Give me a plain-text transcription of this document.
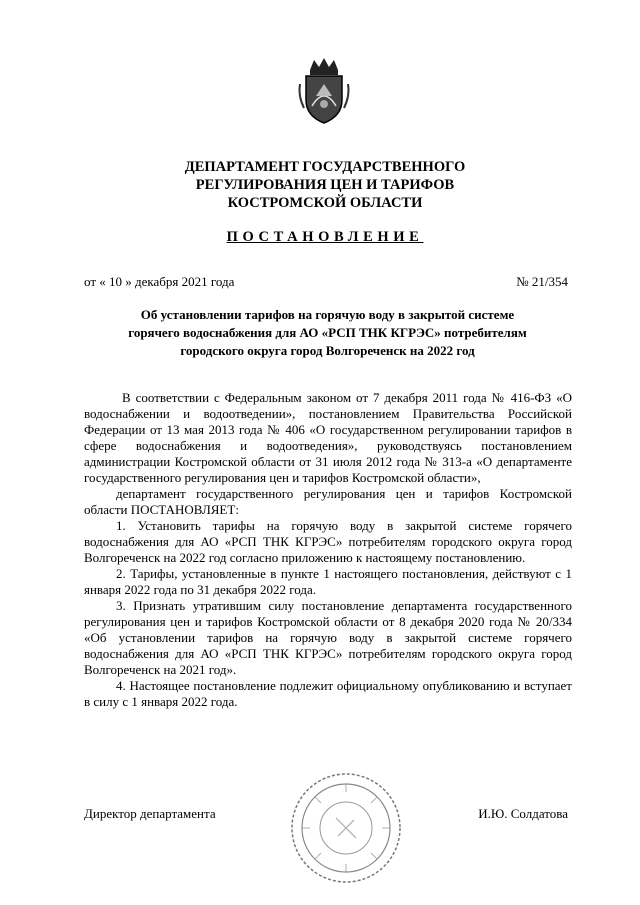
ДЕПАРТАМЕНТ ГОСУДАРСТВЕННОГО
РЕГУЛИРОВАНИЯ ЦЕН И ТАРИФОВ
КОСТРОМСКОЙ ОБЛАСТИ
ПОСТАНОВЛЕНИЕ
от « 10 » декабря 2021 года	№ 21/354
Об установлении тарифов на горячую воду в закрытой системе
горячего водоснабжения для АО «РСП ТНК КГРЭС» потребителям
городского округа город Волгореченск на 2022 год

В соответствии с Федеральным законом от 7 декабря 2011 года № 416-ФЗ «О водоснабжении и водоотведении», постановлением Правительства Российской Федерации от 13 мая 2013 года № 406 «О государственном регулировании тарифов в сфере водоснабжения и водоотведения», руководствуясь постановлением администрации Костромской области от 31 июля 2012 года № 313-а «О департаменте государственного регулирования цен и тарифов Костромской области»,

департамент государственного регулирования цен и тарифов Костромской области ПОСТАНОВЛЯЕТ:

1. Установить тарифы на горячую воду в закрытой системе горячего водоснабжения для АО «РСП ТНК КГРЭС» потребителям городского округа город Волгореченск на 2022 год согласно приложению к настоящему постановлению.

2. Тарифы, установленные в пункте 1 настоящего постановления, действуют с 1 января 2022 года по 31 декабря 2022 года.

3. Признать утратившим силу постановление департамента государственного регулирования цен и тарифов Костромской области от 8 декабря 2020 года № 20/334 «Об установлении тарифов на горячую воду в закрытой системе горячего водоснабжения для АО «РСП ТНК КГРЭС» потребителям городского округа город Волгореченск на 2021 год».

4. Настоящее постановление подлежит официальному опубликованию и вступает в силу с 1 января 2022 года.

Директор департамента	И.Ю. Солдатова
